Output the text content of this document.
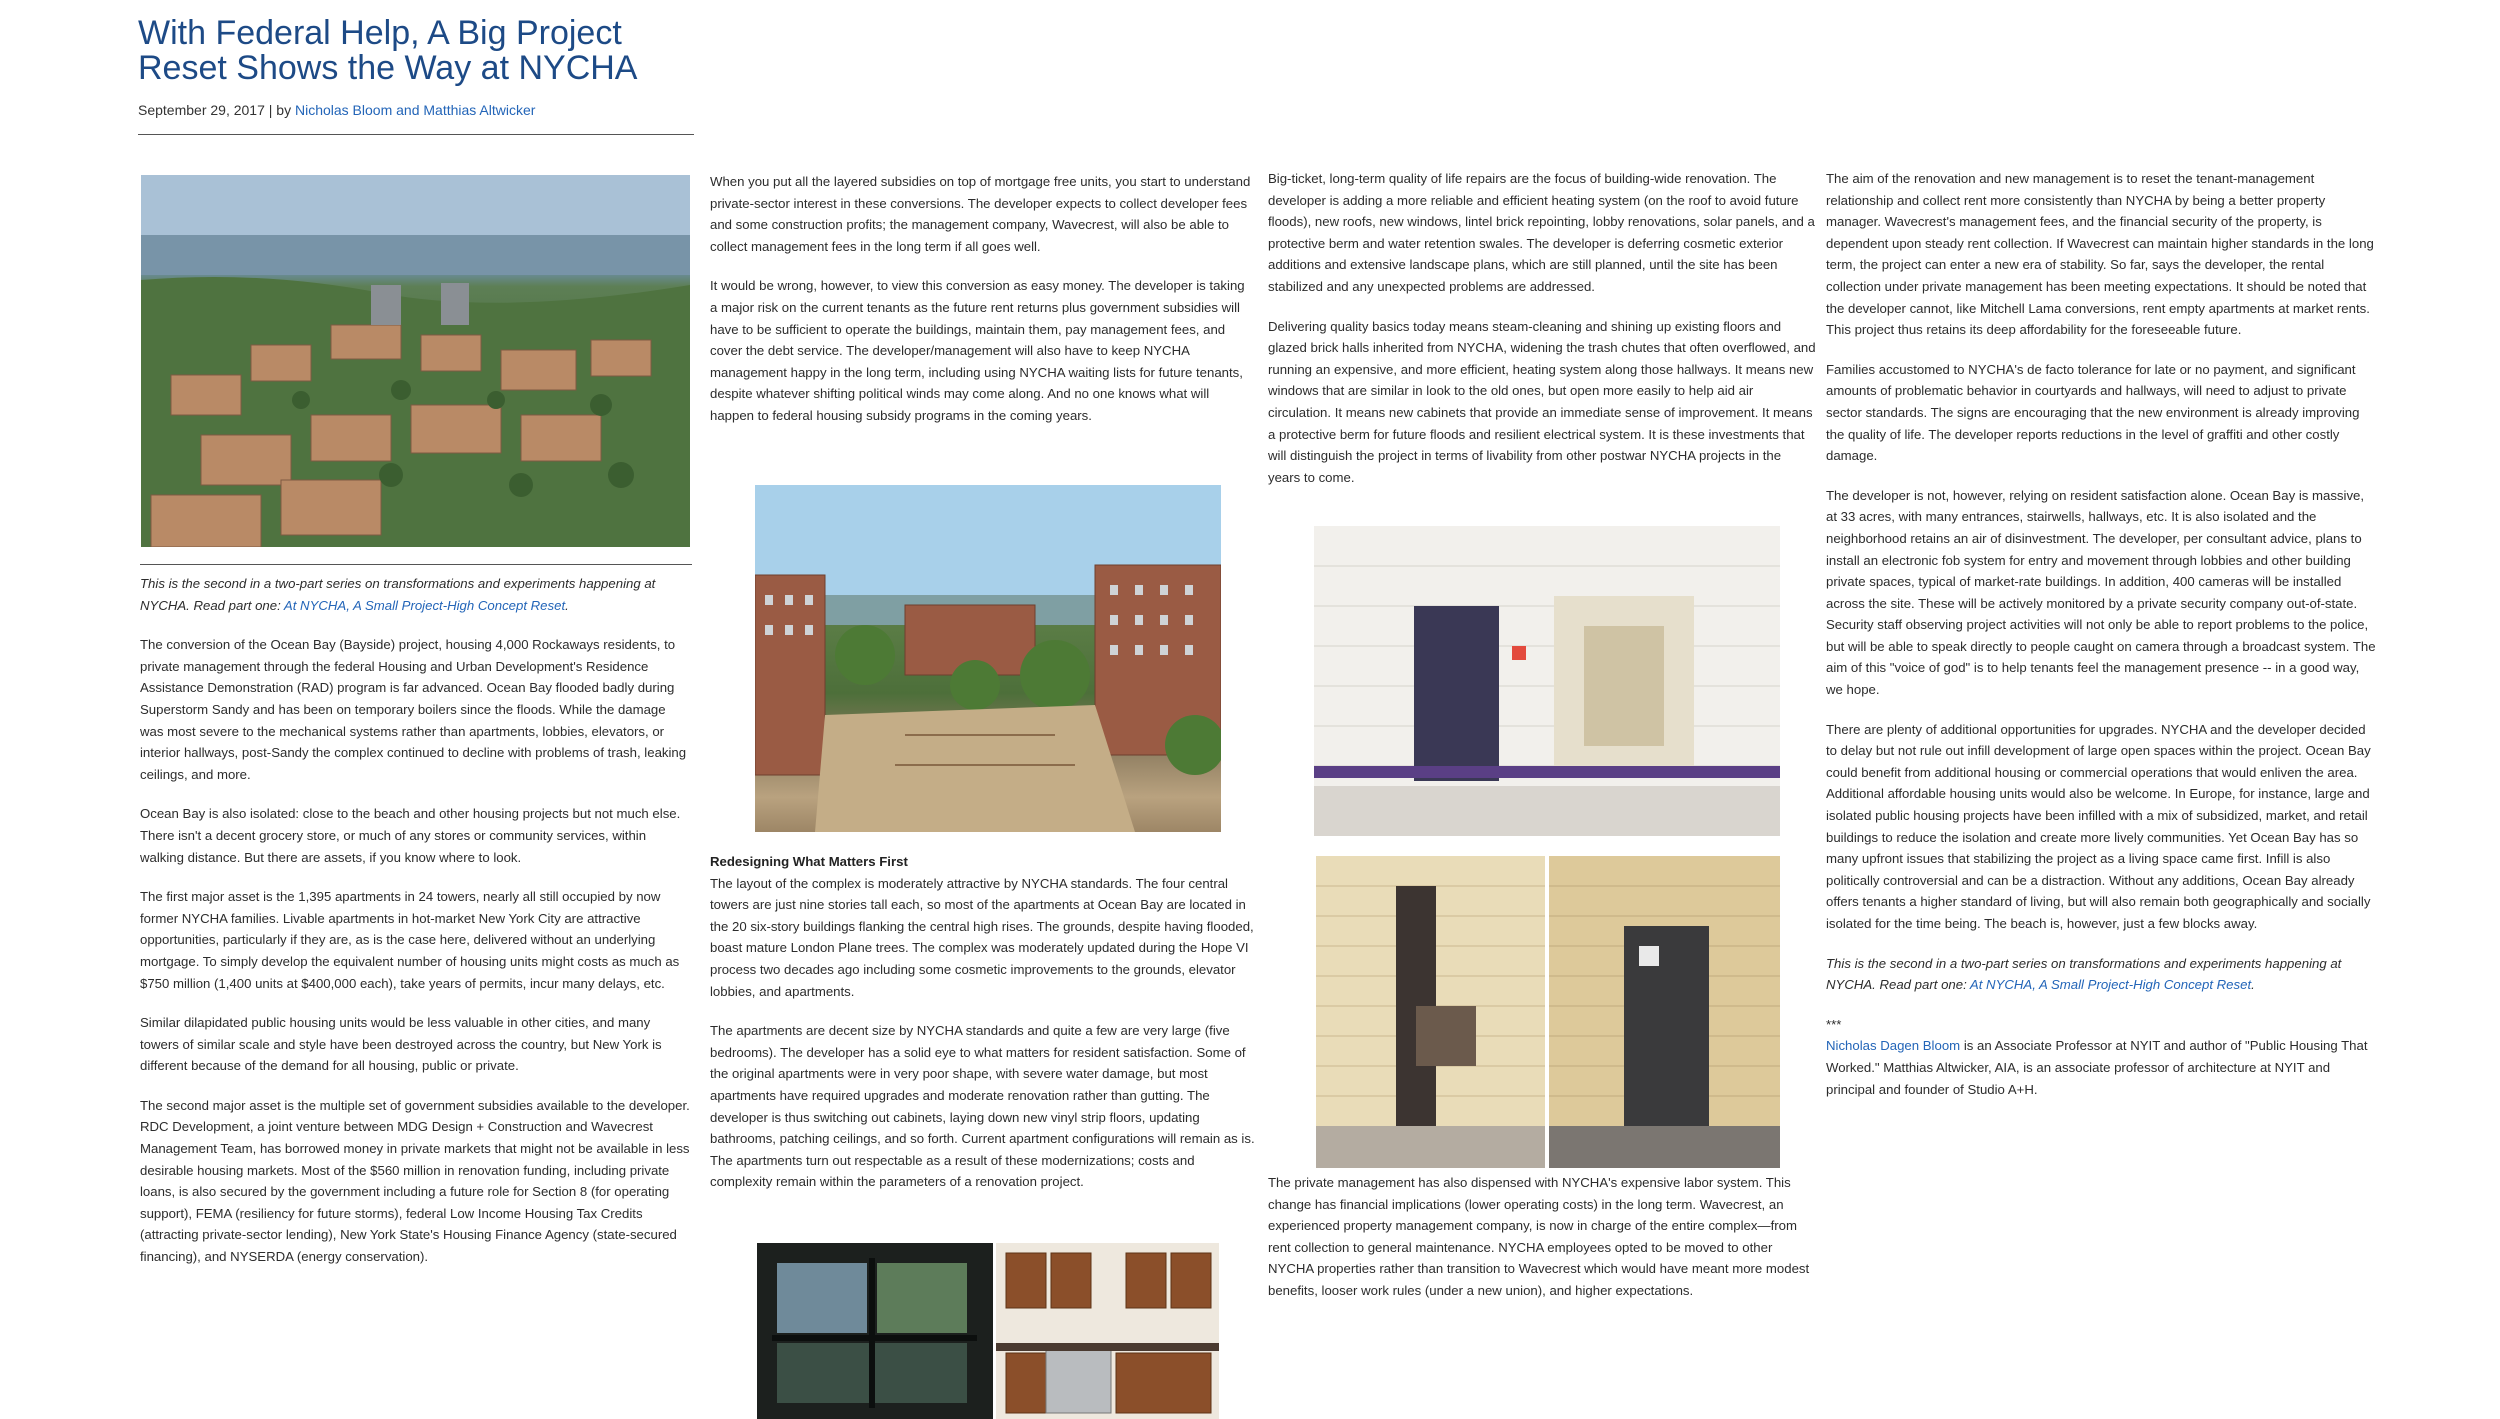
With Federal Help, A Big Project Reset Shows the Way at NYCHA
September 29, 2017 | by Nicholas Bloom and Matthias Altwicker

This is the second in a two-part series on transformations and experiments happening at NYCHA. Read part one: At NYCHA, A Small Project-High Concept Reset.

The conversion of the Ocean Bay (Bayside) project, housing 4,000 Rockaways residents, to private management through the federal Housing and Urban Development's Residence Assistance Demonstration (RAD) program is far advanced. Ocean Bay flooded badly during Superstorm Sandy and has been on temporary boilers since the floods. While the damage was most severe to the mechanical systems rather than apartments, lobbies, elevators, or interior hallways, post-Sandy the complex continued to decline with problems of trash, leaking ceilings, and more.

Ocean Bay is also isolated: close to the beach and other housing projects but not much else. There isn't a decent grocery store, or much of any stores or community services, within walking distance. But there are assets, if you know where to look.

The first major asset is the 1,395 apartments in 24 towers, nearly all still occupied by now former NYCHA families. Livable apartments in hot-market New York City are attractive opportunities, particularly if they are, as is the case here, delivered without an underlying mortgage. To simply develop the equivalent number of housing units might costs as much as $750 million (1,400 units at $400,000 each), take years of permits, incur many delays, etc.

Similar dilapidated public housing units would be less valuable in other cities, and many towers of similar scale and style have been destroyed across the country, but New York is different because of the demand for all housing, public or private.

The second major asset is the multiple set of government subsidies available to the developer. RDC Development, a joint venture between MDG Design + Construction and Wavecrest Management Team, has borrowed money in private markets that might not be available in less desirable housing markets. Most of the $560 million in renovation funding, including private loans, is also secured by the government including a future role for Section 8 (for operating support), FEMA (resiliency for future storms), federal Low Income Housing Tax Credits (attracting private-sector lending), New York State's Housing Finance Agency (state-secured financing), and NYSERDA (energy conservation).

When you put all the layered subsidies on top of mortgage free units, you start to understand private-sector interest in these conversions. The developer expects to collect developer fees and some construction profits; the management company, Wavecrest, will also be able to collect management fees in the long term if all goes well.

It would be wrong, however, to view this conversion as easy money. The developer is taking a major risk on the current tenants as the future rent returns plus government subsidies will have to be sufficient to operate the buildings, maintain them, pay management fees, and cover the debt service. The developer/management will also have to keep NYCHA management happy in the long term, including using NYCHA waiting lists for future tenants, despite whatever shifting political winds may come along. And no one knows what will happen to federal housing subsidy programs in the coming years.

Redesigning What Matters First

The layout of the complex is moderately attractive by NYCHA standards. The four central towers are just nine stories tall each, so most of the apartments at Ocean Bay are located in the 20 six-story buildings flanking the central high rises. The grounds, despite having flooded, boast mature London Plane trees. The complex was moderately updated during the Hope VI process two decades ago including some cosmetic improvements to the grounds, elevator lobbies, and apartments.

The apartments are decent size by NYCHA standards and quite a few are very large (five bedrooms). The developer has a solid eye to what matters for resident satisfaction. Some of the original apartments were in very poor shape, with severe water damage, but most apartments have required upgrades and moderate renovation rather than gutting. The developer is thus switching out cabinets, laying down new vinyl strip floors, updating bathrooms, patching ceilings, and so forth. Current apartment configurations will remain as is. The apartments turn out respectable as a result of these modernizations; costs and complexity remain within the parameters of a renovation project.

Big-ticket, long-term quality of life repairs are the focus of building-wide renovation. The developer is adding a more reliable and efficient heating system (on the roof to avoid future floods), new roofs, new windows, lintel brick repointing, lobby renovations, solar panels, and a protective berm and water retention swales. The developer is deferring cosmetic exterior additions and extensive landscape plans, which are still planned, until the site has been stabilized and any unexpected problems are addressed.

Delivering quality basics today means steam-cleaning and shining up existing floors and glazed brick halls inherited from NYCHA, widening the trash chutes that often overflowed, and running an expensive, and more efficient, heating system along those hallways. It means new windows that are similar in look to the old ones, but open more easily to help aid air circulation. It means new cabinets that provide an immediate sense of improvement. It means a protective berm for future floods and resilient electrical system. It is these investments that will distinguish the project in terms of livability from other postwar NYCHA projects in the years to come.

The private management has also dispensed with NYCHA's expensive labor system. This change has financial implications (lower operating costs) in the long term. Wavecrest, an experienced property management company, is now in charge of the entire complex—from rent collection to general maintenance. NYCHA employees opted to be moved to other NYCHA properties rather than transition to Wavecrest which would have meant more modest benefits, looser work rules (under a new union), and higher expectations.

The aim of the renovation and new management is to reset the tenant-management relationship and collect rent more consistently than NYCHA by being a better property manager. Wavecrest's management fees, and the financial security of the property, is dependent upon steady rent collection. If Wavecrest can maintain higher standards in the long term, the project can enter a new era of stability. So far, says the developer, the rental collection under private management has been meeting expectations. It should be noted that the developer cannot, like Mitchell Lama conversions, rent empty apartments at market rents. This project thus retains its deep affordability for the foreseeable future.

Families accustomed to NYCHA's de facto tolerance for late or no payment, and significant amounts of problematic behavior in courtyards and hallways, will need to adjust to private sector standards. The signs are encouraging that the new environment is already improving the quality of life. The developer reports reductions in the level of graffiti and other costly damage.

The developer is not, however, relying on resident satisfaction alone. Ocean Bay is massive, at 33 acres, with many entrances, stairwells, hallways, etc. It is also isolated and the neighborhood retains an air of disinvestment. The developer, per consultant advice, plans to install an electronic fob system for entry and movement through lobbies and other building private spaces, typical of market-rate buildings. In addition, 400 cameras will be installed across the site. These will be actively monitored by a private security company out-of-state. Security staff observing project activities will not only be able to report problems to the police, but will be able to speak directly to people caught on camera through a broadcast system. The aim of this "voice of god" is to help tenants feel the management presence -- in a good way, we hope.

There are plenty of additional opportunities for upgrades. NYCHA and the developer decided to delay but not rule out infill development of large open spaces within the project. Ocean Bay could benefit from additional housing or commercial operations that would enliven the area. Additional affordable housing units would also be welcome. In Europe, for instance, large and isolated public housing projects have been infilled with a mix of subsidized, market, and retail buildings to reduce the isolation and create more lively communities. Yet Ocean Bay has so many upfront issues that stabilizing the project as a living space came first. Infill is also politically controversial and can be a distraction. Without any additions, Ocean Bay already offers tenants a higher standard of living, but will also remain both geographically and socially isolated for the time being. The beach is, however, just a few blocks away.

This is the second in a two-part series on transformations and experiments happening at NYCHA. Read part one: At NYCHA, A Small Project-High Concept Reset.

***

Nicholas Dagen Bloom is an Associate Professor at NYIT and author of "Public Housing That Worked." Matthias Altwicker, AIA, is an associate professor of architecture at NYIT and principal and founder of Studio A+H.
